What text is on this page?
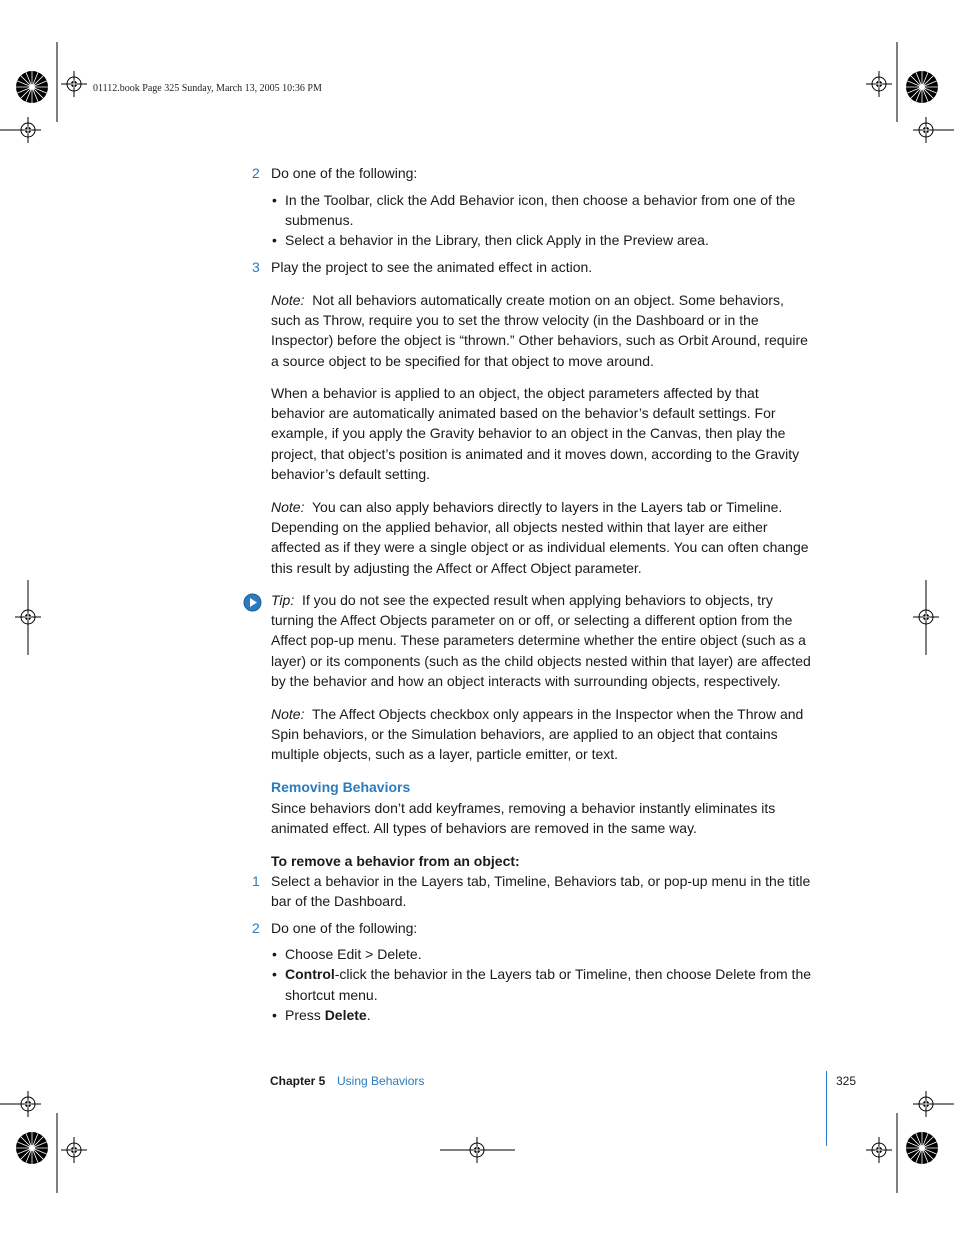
01112.book Page 325 Sunday, March 13, 2005 10:36 PM
2 Do one of the following:
• In the Toolbar, click the Add Behavior icon, then choose a behavior from one of the
submenus.
• Select a behavior in the Library, then click Apply in the Preview area.
3 Play the project to see the animated effect in action.
Note: Not all behaviors automatically create motion on an object. Some behaviors,
such as Throw, require you to set the throw velocity (in the Dashboard or in the
Inspector) before the object is “thrown.” Other behaviors, such as Orbit Around, require
a source object to be specified for that object to move around.
When a behavior is applied to an object, the object parameters affected by that
behavior are automatically animated based on the behavior’s default settings. For
example, if you apply the Gravity behavior to an object in the Canvas, then play the
project, that object’s position is animated and it moves down, according to the Gravity
behavior’s default setting.
Note: You can also apply behaviors directly to layers in the Layers tab or Timeline.
Depending on the applied behavior, all objects nested within that layer are either
affected as if they were a single object or as individual elements. You can often change
this result by adjusting the Affect or Affect Object parameter.
Tip: If you do not see the expected result when applying behaviors to objects, try
turning the Affect Objects parameter on or off, or selecting a different option from the
Affect pop-up menu. These parameters determine whether the entire object (such as a
layer) or its components (such as the child objects nested within that layer) are affected
by the behavior and how an object interacts with surrounding objects, respectively.
Note: The Affect Objects checkbox only appears in the Inspector when the Throw and
Spin behaviors, or the Simulation behaviors, are applied to an object that contains
multiple objects, such as a layer, particle emitter, or text.
Removing Behaviors
Since behaviors don’t add keyframes, removing a behavior instantly eliminates its
animated effect. All types of behaviors are removed in the same way.
To remove a behavior from an object:
1 Select a behavior in the Layers tab, Timeline, Behaviors tab, or pop-up menu in the title
bar of the Dashboard.
2 Do one of the following:
• Choose Edit > Delete.
• Control-click the behavior in the Layers tab or Timeline, then choose Delete from the
shortcut menu.
• Press Delete.
Chapter 5 Using Behaviors	325
